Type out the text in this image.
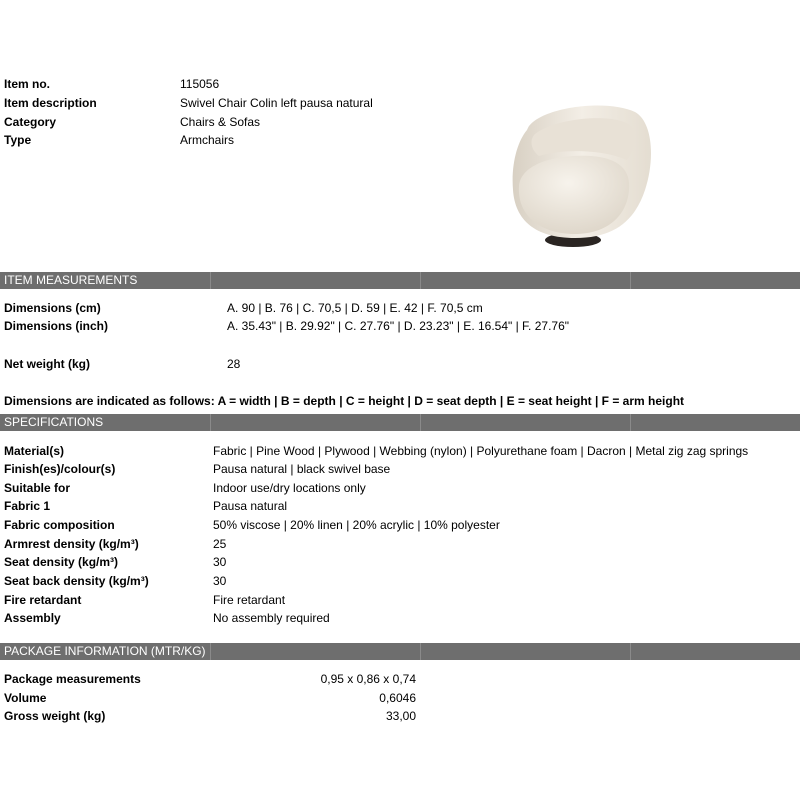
Item no.	115056
Item description	Swivel Chair Colin left pausa natural
Category	Chairs & Sofas
Type	Armchairs
ITEM MEASUREMENTS
Dimensions (cm)	A. 90 | B. 76 | C. 70,5 | D. 59 | E. 42 | F. 70,5 cm
Dimensions (inch)	A. 35.43" | B. 29.92" | C. 27.76" | D. 23.23" | E. 16.54" | F. 27.76"
Net weight (kg)	28
Dimensions are indicated as follows: A = width | B = depth | C = height | D = seat depth | E = seat height | F = arm height
SPECIFICATIONS
Material(s)	Fabric | Pine Wood | Plywood | Webbing (nylon) | Polyurethane foam | Dacron | Metal zig zag springs
Finish(es)/colour(s)	Pausa natural | black swivel base
Suitable for	Indoor use/dry locations only
Fabric 1	Pausa natural
Fabric composition	50% viscose | 20% linen | 20% acrylic | 10% polyester
Armrest density (kg/m³)	25
Seat density (kg/m³)	30
Seat back density (kg/m³)	30
Fire retardant	Fire retardant
Assembly	No assembly required
PACKAGE INFORMATION (MTR/KG)
Package measurements	0,95 x 0,86 x 0,74
Volume	0,6046
Gross weight (kg)	33,00
